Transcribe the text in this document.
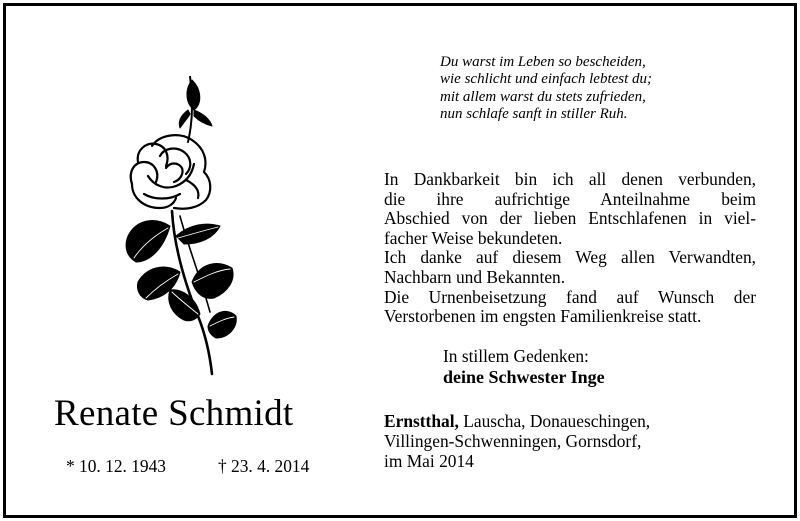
Du warst im Leben so bescheiden,
wie schlicht und einfach lebtest du;
mit allem warst du stets zufrieden,
nun schlafe sanft in stiller Ruh.
In Dankbarkeit bin ich all denen verbunden,
die ihre aufrichtige Anteilnahme beim
Abschied von der lieben Entschlafenen in viel-
facher Weise bekundeten.
Ich danke auf diesem Weg allen Verwandten,
Nachbarn und Bekannten.
Die Urnenbeisetzung fand auf Wunsch der
Verstorbenen im engsten Familienkreise statt.
In stillem Gedenken:
deine Schwester Inge
Ernstthal, Lauscha, Donaueschingen,
Villingen-Schwenningen, Gornsdorf,
im Mai 2014
Renate Schmidt
* 10. 12. 1943	† 23. 4. 2014
